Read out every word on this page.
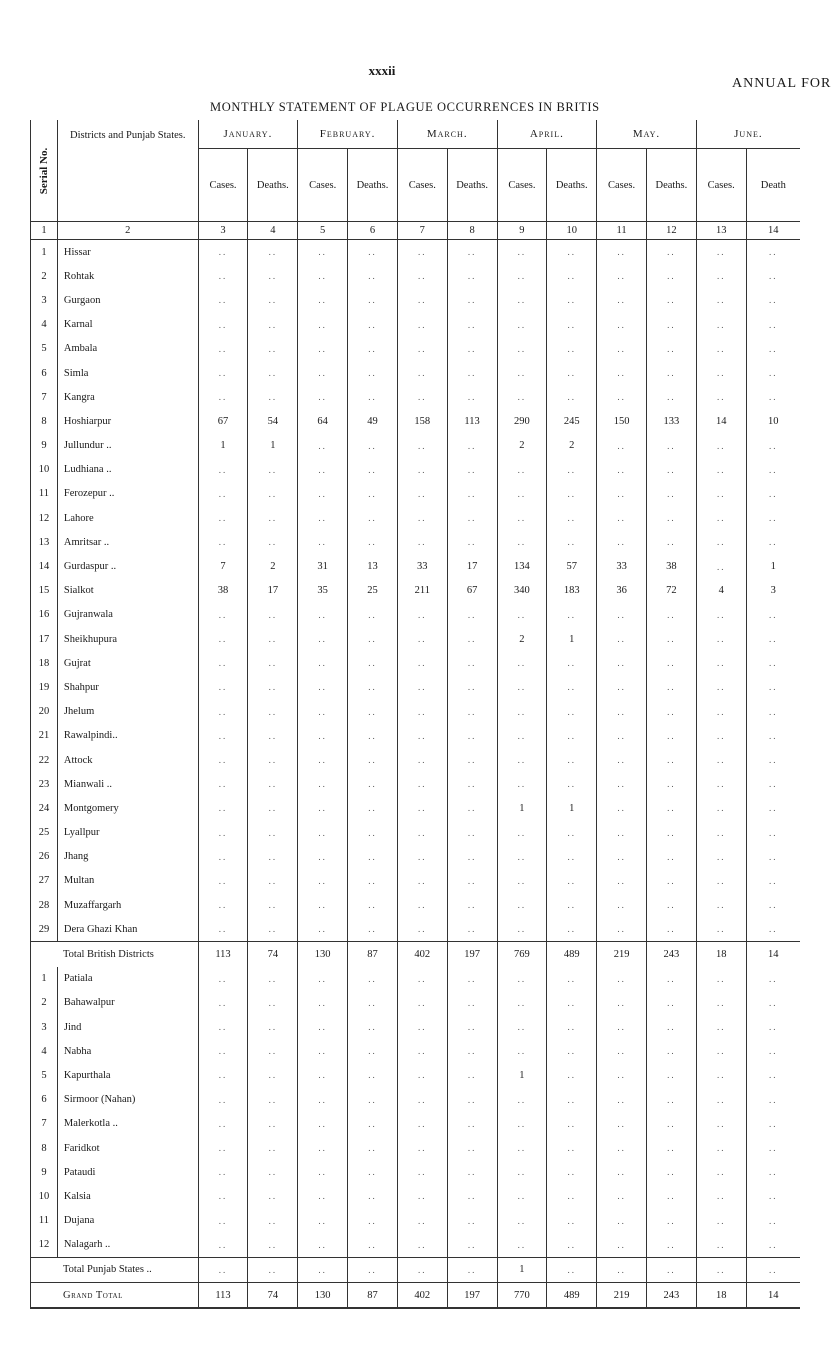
xxxii
ANNUAL FOR
MONTHLY STATEMENT OF PLAGUE OCCURRENCES IN BRITIS
Serial No.	Districts and Punjab States.	January.		February.		March.		April.		May.		June.	
		Cases.	Deaths.	Cases.	Deaths.	Cases.	Deaths.	Cases.	Deaths.	Cases.	Deaths.	Cases.	Death
1	2	3	4	5	6	7	8	9	10	11	12	13	14
1	Hissar	..	..	..	..	..	..	..	..	..	..	..	..
2	Rohtak	..	..	..	..	..	..	..	..	..	..	..	..
3	Gurgaon	..	..	..	..	..	..	..	..	..	..	..	..
4	Karnal	..	..	..	..	..	..	..	..	..	..	..	..
5	Ambala	..	..	..	..	..	..	..	..	..	..	..	..
6	Simla	..	..	..	..	..	..	..	..	..	..	..	..
7	Kangra	..	..	..	..	..	..	..	..	..	..	..	..
8	Hoshiarpur	67	54	64	49	158	113	290	245	150	133	14	10
9	Jullundur ..	1	1	..	..	..	..	2	2	..	..	..	..
10	Ludhiana ..	..	..	..	..	..	..	..	..	..	..	..	..
11	Ferozepur ..	..	..	..	..	..	..	..	..	..	..	..	..
12	Lahore	..	..	..	..	..	..	..	..	..	..	..	..
13	Amritsar ..	..	..	..	..	..	..	..	..	..	..	..	..
14	Gurdaspur ..	7	2	31	13	33	17	134	57	33	38	..	1
15	Sialkot	38	17	35	25	211	67	340	183	36	72	4	3
16	Gujranwala	..	..	..	..	..	..	..	..	..	..	..	..
17	Sheikhupura	..	..	..	..	..	..	2	1	..	..	..	..
18	Gujrat	..	..	..	..	..	..	..	..	..	..	..	..
19	Shahpur	..	..	..	..	..	..	..	..	..	..	..	..
20	Jhelum	..	..	..	..	..	..	..	..	..	..	..	..
21	Rawalpindi..	..	..	..	..	..	..	..	..	..	..	..	..
22	Attock	..	..	..	..	..	..	..	..	..	..	..	..
23	Mianwali ..	..	..	..	..	..	..	..	..	..	..	..	..
24	Montgomery	..	..	..	..	..	..	1	1	..	..	..	..
25	Lyallpur	..	..	..	..	..	..	..	..	..	..	..	..
26	Jhang	..	..	..	..	..	..	..	..	..	..	..	..
27	Multan	..	..	..	..	..	..	..	..	..	..	..	..
28	Muzaffargarh	..	..	..	..	..	..	..	..	..	..	..	..
29	Dera Ghazi Khan	..	..	..	..	..	..	..	..	..	..	..	..
Total British Districts		113	74	130	87	402	197	769	489	219	243	18	14
1	Patiala	..	..	..	..	..	..	..	..	..	..	..	..
2	Bahawalpur	..	..	..	..	..	..	..	..	..	..	..	..
3	Jind	..	..	..	..	..	..	..	..	..	..	..	..
4	Nabha	..	..	..	..	..	..	..	..	..	..	..	..
5	Kapurthala	..	..	..	..	..	..	1	..	..	..	..	..
6	Sirmoor (Nahan)	..	..	..	..	..	..	..	..	..	..	..	..
7	Malerkotla ..	..	..	..	..	..	..	..	..	..	..	..	..
8	Faridkot	..	..	..	..	..	..	..	..	..	..	..	..
9	Pataudi	..	..	..	..	..	..	..	..	..	..	..	..
10	Kalsia	..	..	..	..	..	..	..	..	..	..	..	..
11	Dujana	..	..	..	..	..	..	..	..	..	..	..	..
12	Nalagarh ..	..	..	..	..	..	..	..	..	..	..	..	..
Total Punjab States ..		..	..	..	..	..	..	1	..	..	..	..	..
Grand Total		113	74	130	87	402	197	770	489	219	243	18	14
